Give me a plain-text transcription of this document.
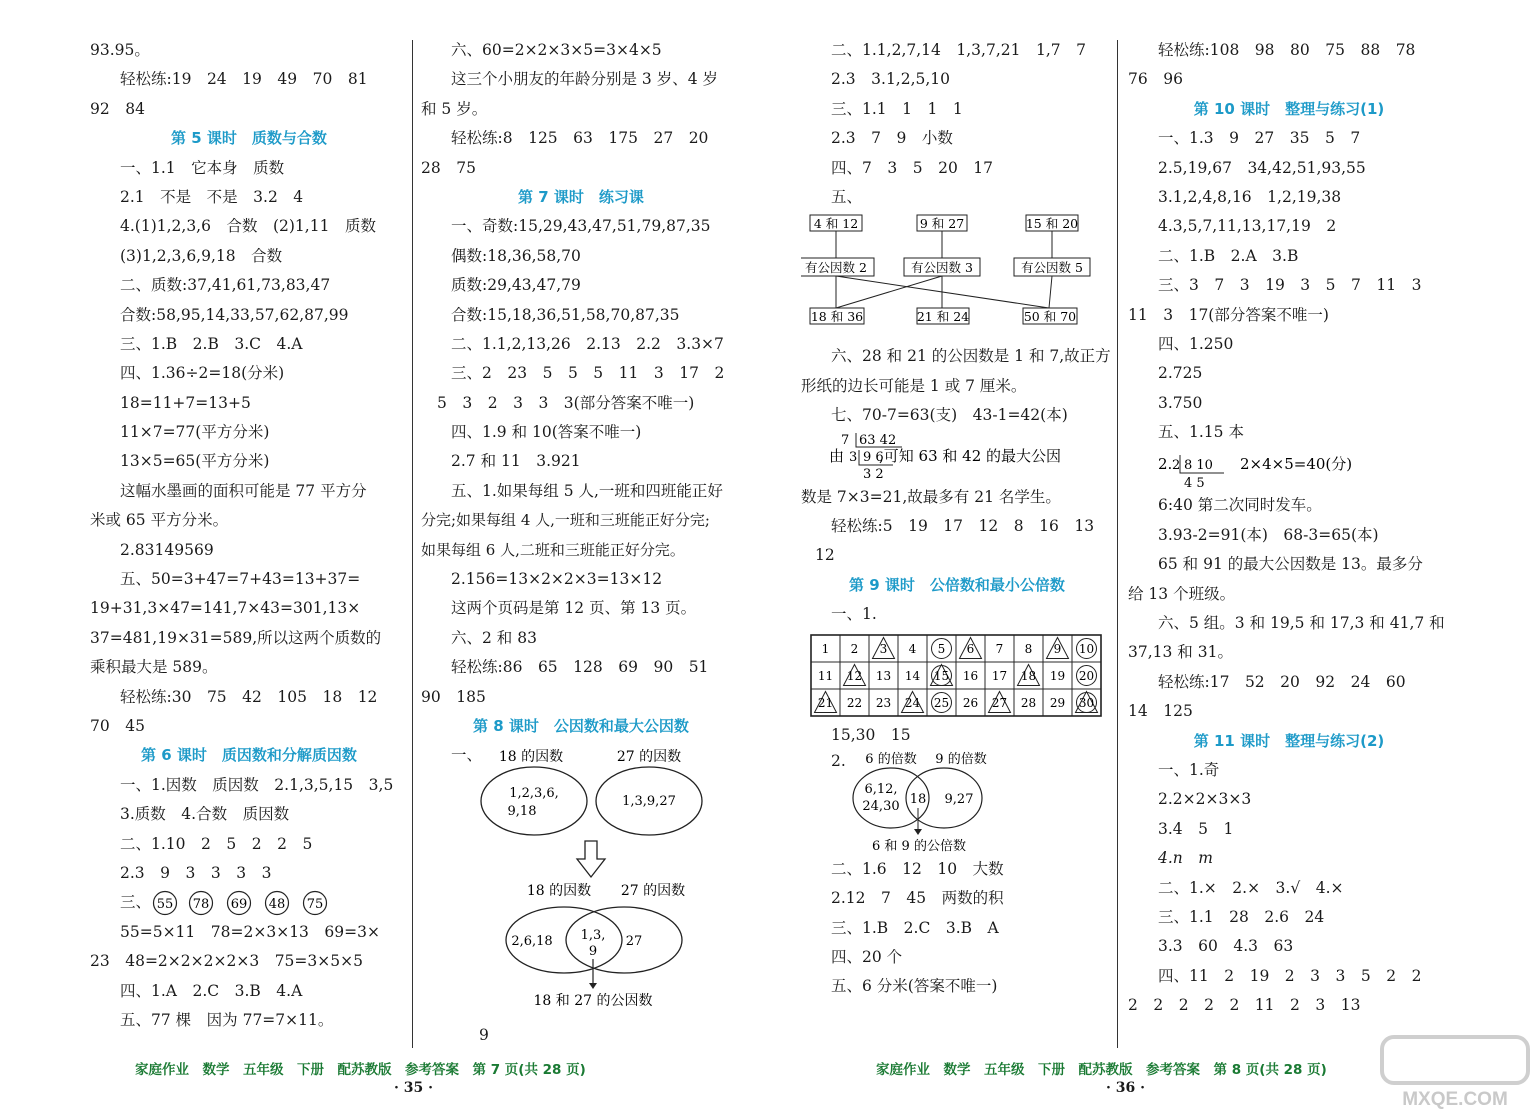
93.95。
轻松练:19　24　19　49　70　81
92　84
第 5 课时　质数与合数
一、1.1　它本身　质数
2.1　不是　不是　3.2　4
4.(1)1,2,3,6　合数　(2)1,11　质数
(3)1,2,3,6,9,18　合数
二、质数:37,41,61,73,83,47
合数:58,95,14,33,57,62,87,99
三、1.B　2.B　3.C　4.A
四、1.36÷2=18(分米)
18=11+7=13+5
11×7=77(平方分米)
13×5=65(平方分米)
这幅水墨画的面积可能是 77 平方分
米或 65 平方分米。
2.83149569
五、50=3+47=7+43=13+37=
19+31,3×47=141,7×43=301,13×
37=481,19×31=589,所以这两个质数的
乘积最大是 589。
轻松练:30　75　42　105　18　12
70　45
第 6 课时　质因数和分解质因数
一、1.因数　质因数　2.1,3,5,15　3,5
3.质数　4.合数　质因数
二、1.10　2　5　2　2　5
2.3　9　3　3　3　3
三、 55 78 69 48 75
55=5×11　78=2×3×13　69=3×
23　48=2×2×2×2×3　75=3×5×5
四、1.A　2.C　3.B　4.A
五、77 棵　因为 77=7×11。
六、60=2×2×3×5=3×4×5
这三个小朋友的年龄分别是 3 岁、4 岁
和 5 岁。
轻松练:8　125　63　175　27　20
28　75
第 7 课时　练习课
一、奇数:15,29,43,47,51,79,87,35
偶数:18,36,58,70
质数:29,43,47,79
合数:15,18,36,51,58,70,87,35
二、1.1,2,13,26　2.13　2.2　3.3×7
三、2　23　5　5　5　11　3　17　2
5　3　2　3　3　3(部分答案不唯一)
四、1.9 和 10(答案不唯一)
2.7 和 11　3.921
五、1.如果每组 5 人,一班和四班能正好
分完;如果每组 4 人,一班和三班能正好分完;
如果每组 6 人,二班和三班能正好分完。
2.156=13×2×2×3=13×12
这两个页码是第 12 页、第 13 页。
六、2 和 83
轻松练:86　65　128　69　90　51
90　185
第 8 课时　公因数和最大公因数
一、 18 的因数	27 的因数
1,2,3,6,
9,18
1,3,9,27
18 的因数 27 的因数
2,6,18 1,3,
9
27
18 和 27 的公因数
9
二、1.1,2,7,14　1,3,7,21　1,7　7
2.3　3.1,2,5,10
三、1.1　1　1　1
2.3　7　9　小数
四、7　3　5　20　17
五、
4 和 12	9 和 27	15 和 20
有公因数 2	有公因数 3	有公因数 5
18 和 36	21 和 24	50 和 70
六、28 和 21 的公因数是 1 和 7,故正方
形纸的边长可能是 1 或 7 厘米。
七、70-7=63(支)　43-1=42(本)
7 63 42
由 3 9 6
,可知 63 和 42 的最大公因
3 2
数是 7×3=21,故最多有 21 名学生。
轻松练:5　19　17　12　8　16　13
12
第 9 课时　公倍数和最小公倍数
一、1.
1 2 3 4 5 6 7 8 9 10
11 12 13 14 15 16 17 18 19 20
21 22 23 24 25 26 27 28 29 30
15,30　15
2. 6 的倍数 9 的倍数
6,12,
24,30 18 9,27
6 和 9 的公倍数
二、1.6　12　10　大数
2.12　7　45　两数的积
三、1.B　2.C　3.B　A
四、20 个
五、6 分米(答案不唯一)
轻松练:108　98　80　75　88　78
76　96
第 10 课时　整理与练习(1)
一、1.3　9　27　35　5　7
2.5,19,67　34,42,51,93,55
3.1,2,4,8,16　1,2,19,38
4.3,5,7,11,13,17,19　2
二、1.B　2.A　3.B
三、3　7　3　19　3　5　7　11　3
11　3　17(部分答案不唯一)
四、1.250
2.725
3.750
五、1.15 本
2. 2 8 10
4 5
2×4×5=40(分)
6:40 第二次同时发车。
3.93-2=91(本)　68-3=65(本)
65 和 91 的最大公因数是 13。最多分
给 13 个班级。
六、5 组。3 和 19,5 和 17,3 和 41,7 和
37,13 和 31。
轻松练:17　52　20　92　24　60
14　125
第 11 课时　整理与练习(2)
一、1.奇
2.2×2×3×3
3.4　5　1
4.n　m
二、1.×　2.×　3.√　4.×
三、1.1　28　2.6　24
3.3　60　4.3　63
四、11　2　19　2　3　3　5　2　2
2　2　2　2　2　11　2　3　13
家庭作业　数学　五年级　下册　配苏教版　参考答案　第 7 页(共 28 页)	家庭作业　数学　五年级　下册　配苏教版　参考答案　第 8 页(共 28 页)
· 35 ·	· 36 ·
MXQE.COM
